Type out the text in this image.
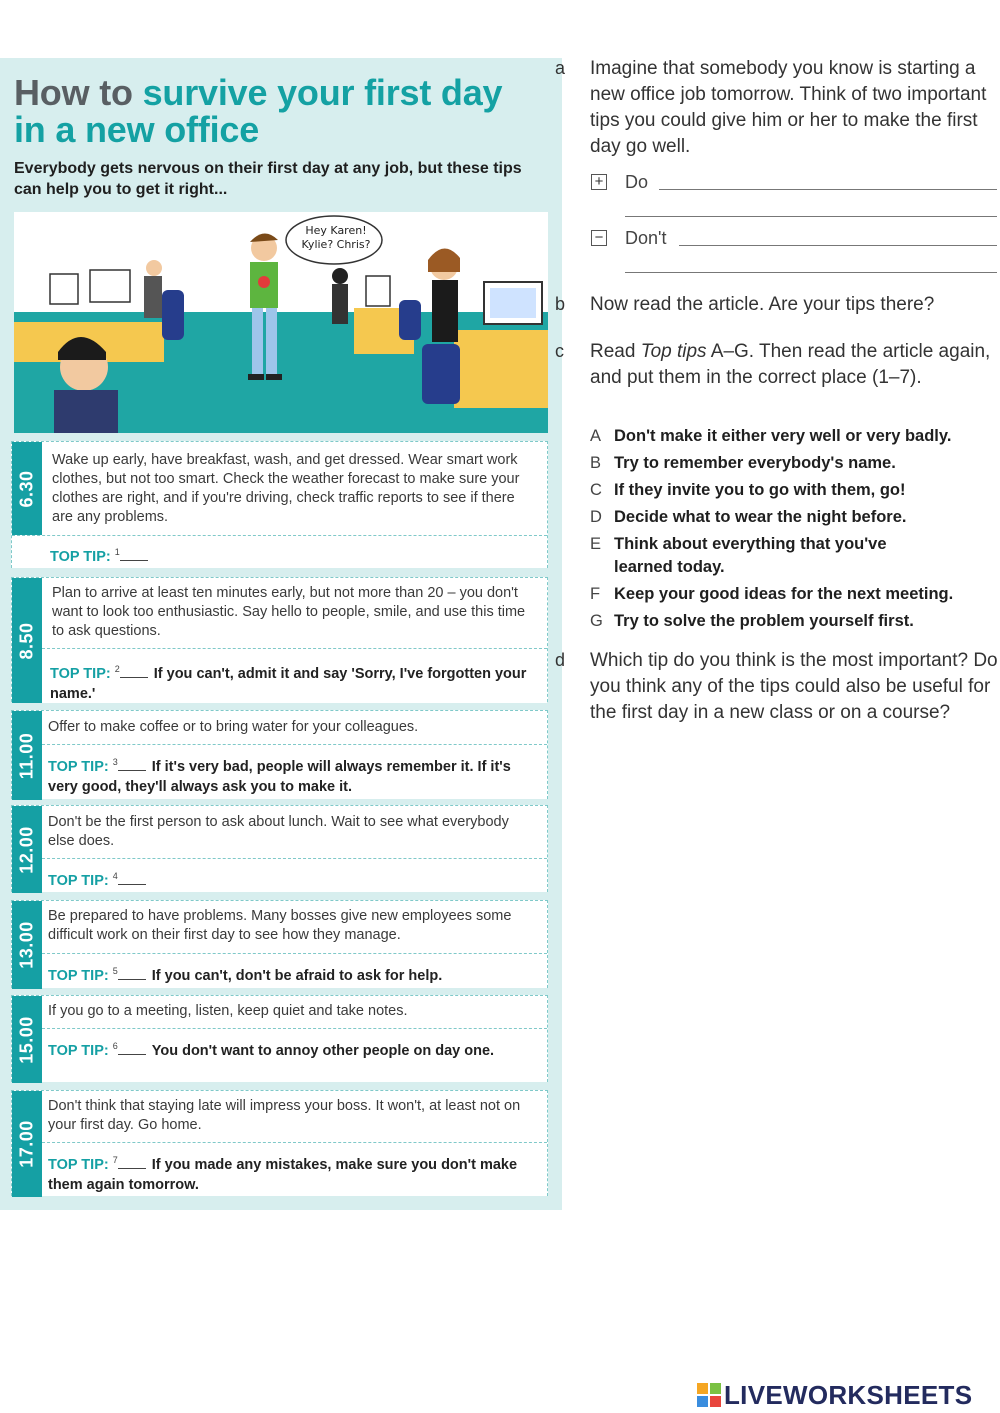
How to survive your first day in a new office
Everybody gets nervous on their first day at any job, but these tips can help you to get it right...
Hey Karen! Kylie? Chris?
6.30
Wake up early, have breakfast, wash, and get dressed. Wear smart work clothes, but not too smart. Check the weather forecast to make sure your clothes are right, and if you're driving, check traffic reports to see if there are any problems.
TOP TIP: $^1$
8.50
Plan to arrive at least ten minutes early, but not more than 20 – you don't want to look too enthusiastic. Say hello to people, smile, and use this time to ask questions.
TOP TIP: $^2$ If you can't, admit it and say 'Sorry, I've forgotten your name.'
11.00
Offer to make coffee or to bring water for your colleagues.
TOP TIP: $^3$ If it's very bad, people will always remember it. If it's very good, they'll always ask you to make it.
12.00
Don't be the first person to ask about lunch. Wait to see what everybody else does.
TOP TIP: $^4$
13.00
Be prepared to have problems. Many bosses give new employees some difficult work on their first day to see how they manage.
TOP TIP: $^5$ If you can't, don't be afraid to ask for help.
15.00
If you go to a meeting, listen, keep quiet and take notes.
TOP TIP: $^6$ You don't want to annoy other people on day one.
17.00
Don't think that staying late will impress your boss. It won't, at least not on your first day. Go home.
TOP TIP: $^7$ If you made any mistakes, make sure you don't make them again tomorrow.
a Imagine that somebody you know is starting a new office job tomorrow. Think of two important tips you could give him or her to make the first day go well.
+ Do
− Don't
b Now read the article. Are your tips there?
c Read Top tips A–G. Then read the article again, and put them in the correct place (1–7).
A Don't make it either very well or very badly.
B Try to remember everybody's name.
C If they invite you to go with them, go!
D Decide what to wear the night before.
E Think about everything that you've learned today.
F Keep your good ideas for the next meeting.
G Try to solve the problem yourself first.
d Which tip do you think is the most important? Do you think any of the tips could also be useful for the first day in a new class or on a course?
LIVEWORKSHEETS
